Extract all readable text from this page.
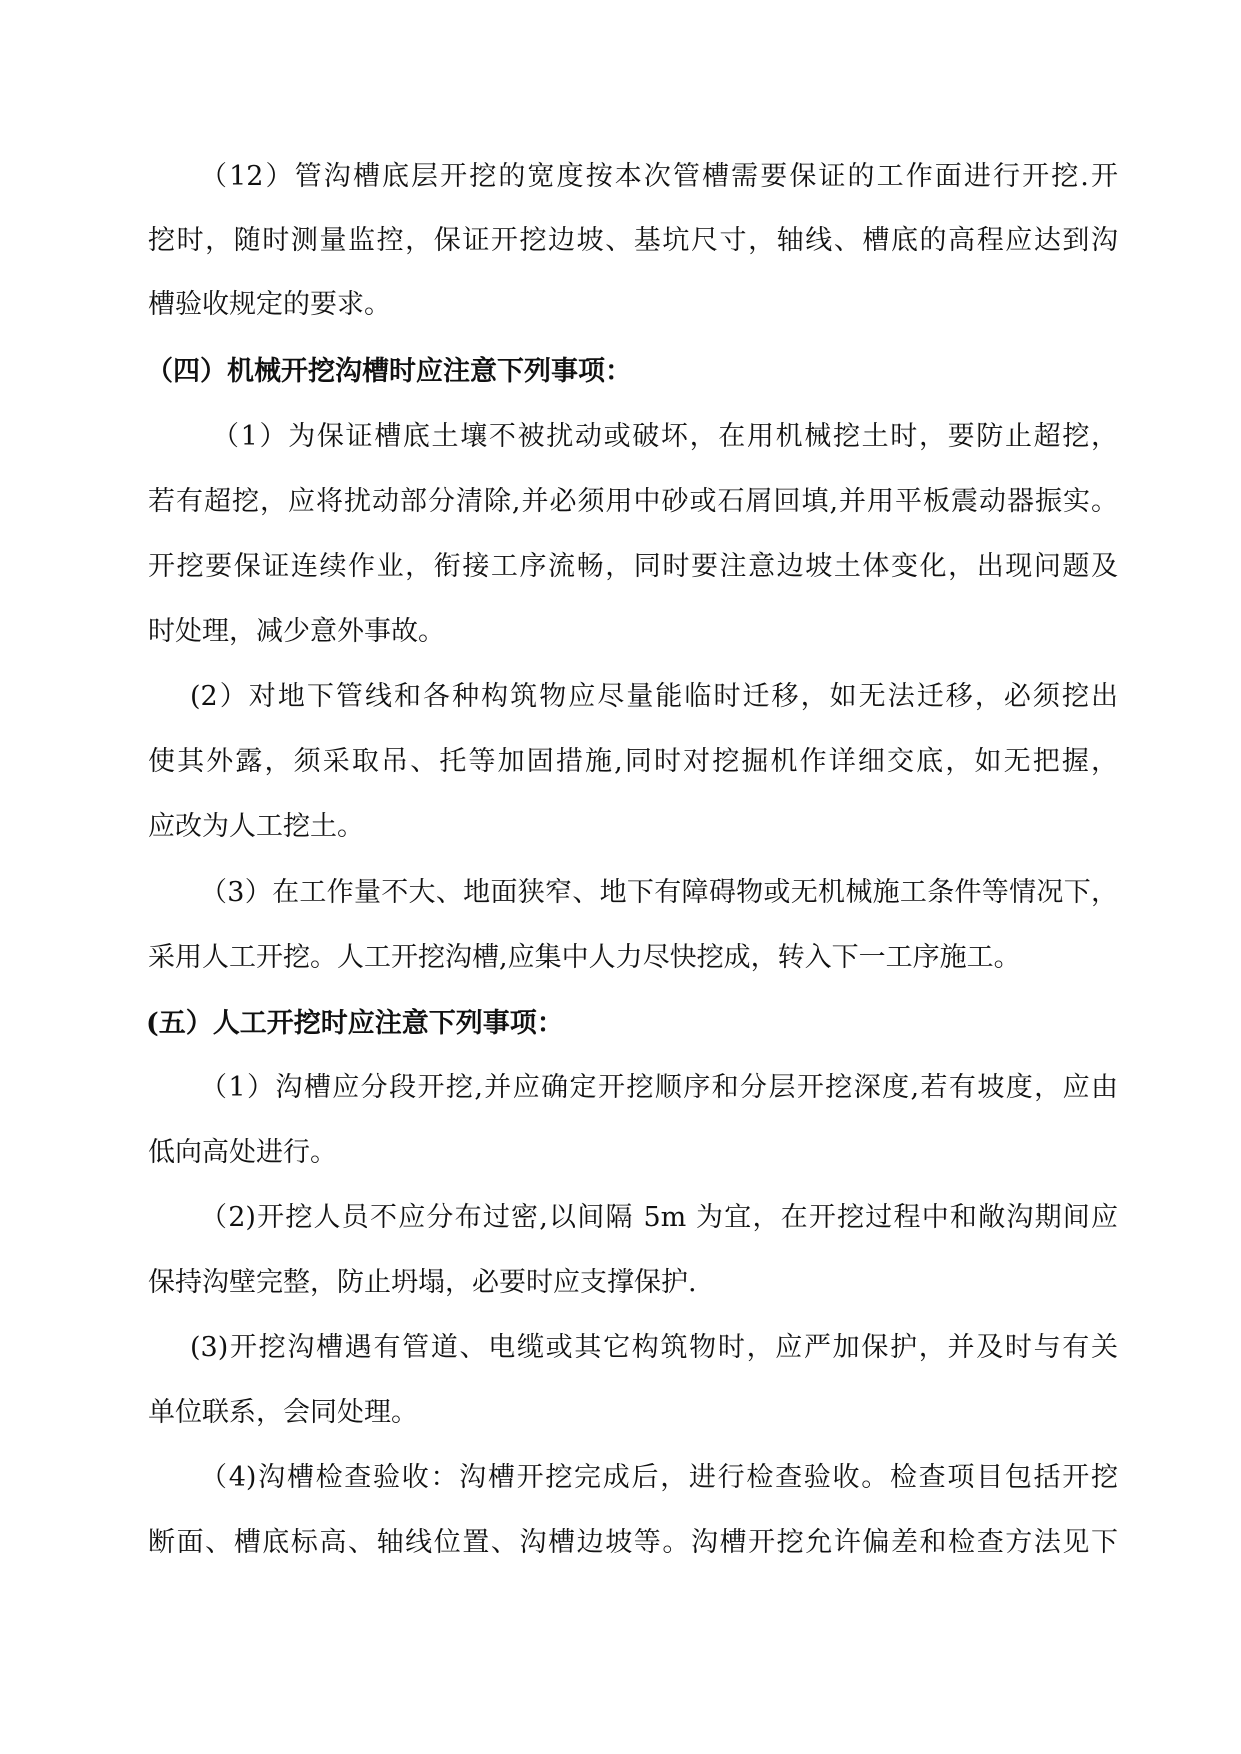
（12）管沟槽底层开挖的宽度按本次管槽需要保证的工作面进行开挖.开
挖时，随时测量监控，保证开挖边坡、基坑尺寸，轴线、槽底的高程应达到沟
槽验收规定的要求。
（四）机械开挖沟槽时应注意下列事项：
（1）为保证槽底土壤不被扰动或破坏，在用机械挖土时，要防止超挖，
若有超挖，应将扰动部分清除,并必须用中砂或石屑回填,并用平板震动器振实。
开挖要保证连续作业，衔接工序流畅，同时要注意边坡土体变化，出现问题及
时处理，减少意外事故。
(2）对地下管线和各种构筑物应尽量能临时迁移，如无法迁移，必须挖出
使其外露，须采取吊、托等加固措施,同时对挖掘机作详细交底，如无把握，
应改为人工挖土。
（3）在工作量不大、地面狭窄、地下有障碍物或无机械施工条件等情况下，
采用人工开挖。人工开挖沟槽,应集中人力尽快挖成，转入下一工序施工。
(五）人工开挖时应注意下列事项：
（1）沟槽应分段开挖,并应确定开挖顺序和分层开挖深度,若有坡度，应由
低向高处进行。
（2)开挖人员不应分布过密,以间隔 5m 为宜，在开挖过程中和敞沟期间应
保持沟壁完整，防止坍塌，必要时应支撑保护.
(3)开挖沟槽遇有管道、电缆或其它构筑物时，应严加保护，并及时与有关
单位联系，会同处理。
（4)沟槽检查验收：沟槽开挖完成后，进行检查验收。检查项目包括开挖
断面、槽底标高、轴线位置、沟槽边坡等。沟槽开挖允许偏差和检查方法见下
